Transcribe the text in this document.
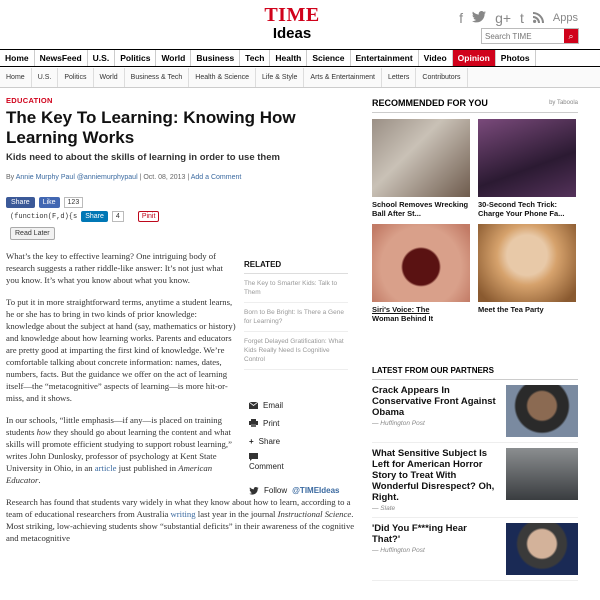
TIME
Ideas
f g+ t	Apps
Search TIME
⌕
Home	NewsFeed	U.S.	Politics	World	Business	Tech	Health	Science	Entertainment	Video	Opinion	Photos
Home	U.S.	Politics	World	Business & Tech	Health & Science	Life & Style	Arts & Entertainment	Letters	Contributors
EDUCATION
The Key To Learning: Knowing How Learning Works
Kids need to about the skills of learning in order to use them
By Annie Murphy Paul @anniemurphypaul | Oct. 08, 2013 | Add a Comment
Share	Like	123
(function(F,d){s	Share	4	Pinit
Read Later

What’s the key to effective learning? One intriguing body of research suggests a rather riddle-like answer: It’s not just what you know. It’s what you know about what you know.

To put it in more straightforward terms, anytime a student learns, he or she has to bring in two kinds of prior knowledge: knowledge about the subject at hand (say, mathematics or history) and knowledge about how learning works. Parents and educators are pretty good at imparting the first kind of knowledge. We’re comfortable talking about concrete information: names, dates, numbers, facts. But the guidance we offer on the act of learning itself—the “metacognitive” aspects of learning—is more hit-or-miss, and it shows.

In our schools, “little emphasis—if any—is placed on training students how they should go about learning the content and what skills will promote efficient studying to support robust learning,” writes John Dunlosky, professor of psychology at Kent State University in Ohio, in an article just published in American Educator.

Research has found that students vary widely in what they know about how to learn, according to a team of educational researchers from Australia writing last year in the journal Instructional Science. Most striking, low-achieving students show “substantial deficits” in their awareness of the cognitive and metacognitive

RELATED
The Key to Smarter Kids: Talk to Them
Born to Be Bright: Is There a Gene for Learning?
Forget Delayed Gratification: What Kids Really Need Is Cognitive Control
Email
Print
+ Share
Comment
Follow @TIMEIdeas
RECOMMENDED FOR YOU	by Taboola
School Removes Wrecking Ball After St...
30-Second Tech Trick: Charge Your Phone Fa...
Siri's Voice: The
Woman Behind It
Meet the Tea Party
LATEST FROM OUR PARTNERS
Crack Appears In Conservative Front Against Obama
— Huffington Post
What Sensitive Subject Is Left for American Horror Story to Treat With Wonderful Disrespect? Oh, Right.
— Slate
'Did You F***ing Hear That?'
— Huffington Post
